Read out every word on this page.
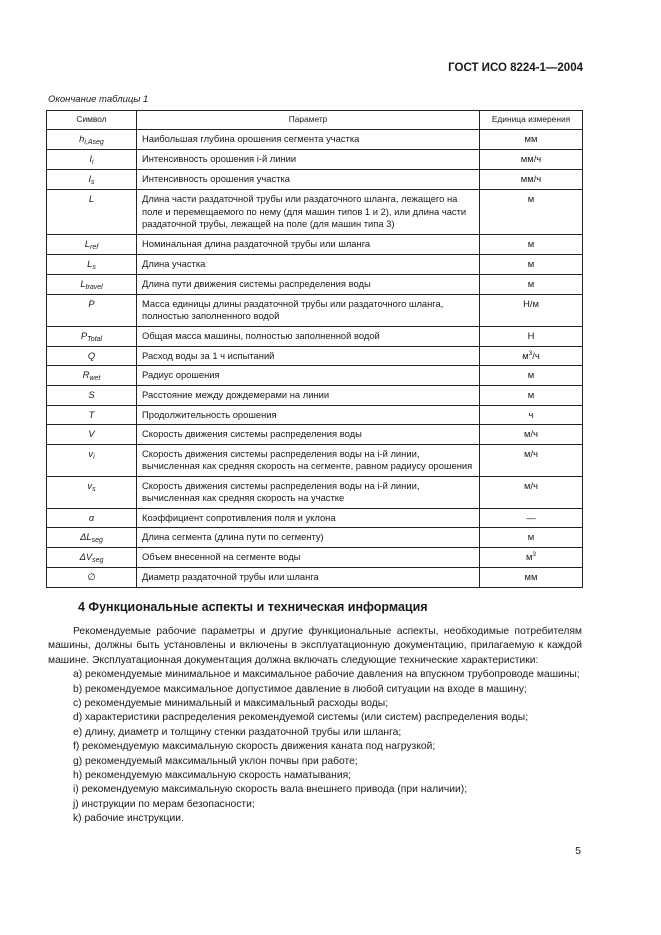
ГОСТ ИСО 8224-1—2004
Окончание таблицы 1
Символ	Параметр	Единица измерения
$h_{i,Aseg}$	Наибольшая глубина орошения сегмента участка	мм
$I_i$	Интенсивность орошения i-й линии	мм/ч
$I_s$	Интенсивность орошения участка	мм/ч
L	Длина части раздаточной трубы или раздаточного шланга, лежащего на поле и перемещаемого по нему (для машин типов 1 и 2), или длина части раздаточной трубы, лежащей на поле (для машин типа 3)	м
$L_{ref}$	Номинальная длина раздаточной трубы или шланга	м
$L_s$	Длина участка	м
$L_{travel}$	Длина пути движения системы распределения воды	м
P	Масса единицы длины раздаточной трубы или раздаточного шланга, полностью заполненного водой	Н/м
$P_{Total}$	Общая масса машины, полностью заполненной водой	Н
Q	Расход воды за 1 ч испытаний	$м^3/ч$
$R_{wet}$	Радиус орошения	м
S	Расстояние между дождемерами на линии	м
T	Продолжительность орошения	ч
V	Скорость движения системы распределения воды	м/ч
$v_i$	Скорость движения системы распределения воды на i-й линии, вычисленная как средняя скорость на сегменте, равном радиусу орошения	м/ч
$v_s$	Скорость движения системы распределения воды на i-й линии, вычисленная как средняя скорость на участке	м/ч
α	Коэффициент сопротивления поля и уклона	—
$\Delta L_{seg}$	Длина сегмента (длина пути по сегменту)	м
$\Delta V_{seg}$	Объем внесенной на сегменте воды	$м^3$
∅	Диаметр раздаточной трубы или шланга	мм
4 Функциональные аспекты и техническая информация

Рекомендуемые рабочие параметры и другие функциональные аспекты, необходимые потребителям машины, должны быть установлены и включены в эксплуатационную документацию, прилагаемую к каждой машине. Эксплуатационная документация должна включать следующие технические характеристики:

a) рекомендуемые минимальное и максимальное рабочие давления на впускном трубопроводе машины;

b) рекомендуемое максимальное допустимое давление в любой ситуации на входе в машину;

c) рекомендуемые минимальный и максимальный расходы воды;

d) характеристики распределения рекомендуемой системы (или систем) распределения воды;

e) длину, диаметр и толщину стенки раздаточной трубы или шланга;

f) рекомендуемую максимальную скорость движения каната под нагрузкой;

g) рекомендуемый максимальный уклон почвы при работе;

h) рекомендуемую максимальную скорость наматывания;

i) рекомендуемую максимальную скорость вала внешнего привода (при наличии);

j) инструкции по мерам безопасности;

k) рабочие инструкции.

5
